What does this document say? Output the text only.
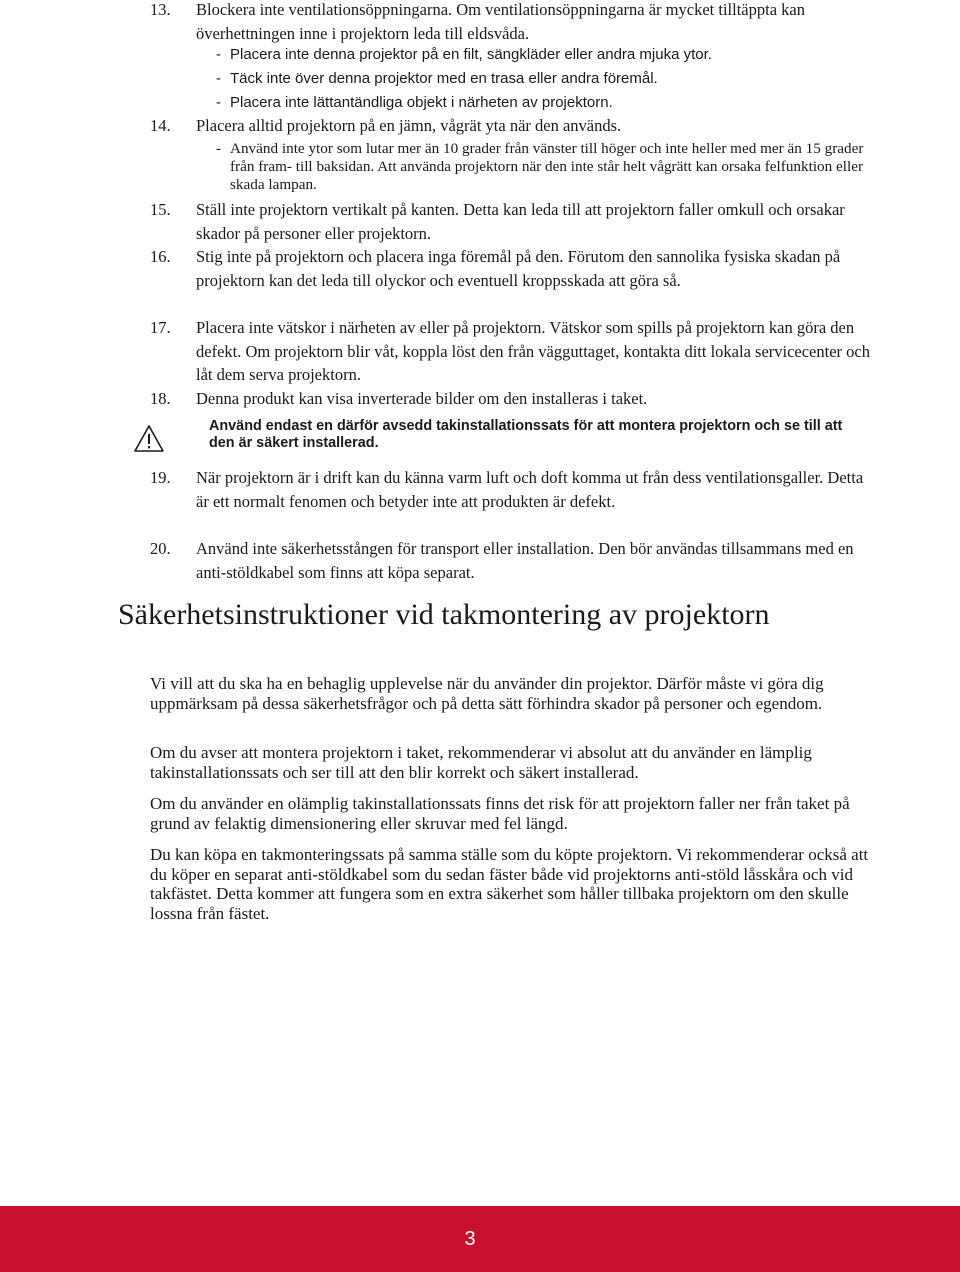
13. Blockera inte ventilationsöppningarna. Om ventilationsöppningarna är mycket tilltäppta kan överhettningen inne i projektorn leda till eldsvåda.
- Placera inte denna projektor på en filt, sängkläder eller andra mjuka ytor.
- Täck inte över denna projektor med en trasa eller andra föremål.
- Placera inte lättantändliga objekt i närheten av projektorn.
14. Placera alltid projektorn på en jämn, vågrät yta när den används.
- Använd inte ytor som lutar mer än 10 grader från vänster till höger och inte heller med mer än 15 grader från fram- till baksidan. Att använda projektorn när den inte står helt vågrätt kan orsaka felfunktion eller skada lampan.
15. Ställ inte projektorn vertikalt på kanten. Detta kan leda till att projektorn faller omkull och orsakar skador på personer eller projektorn.
16. Stig inte på projektorn och placera inga föremål på den. Förutom den sannolika fysiska skadan på projektorn kan det leda till olyckor och eventuell kroppsskada att göra så.
17. Placera inte vätskor i närheten av eller på projektorn. Vätskor som spills på projektorn kan göra den defekt. Om projektorn blir våt, koppla löst den från vägguttaget, kontakta ditt lokala servicecenter och låt dem serva projektorn.
18. Denna produkt kan visa inverterade bilder om den installeras i taket.
Använd endast en därför avsedd takinstallationssats för att montera projektorn och se till att den är säkert installerad.
19. När projektorn är i drift kan du känna varm luft och doft komma ut från dess ventilationsgaller. Detta är ett normalt fenomen och betyder inte att produkten är defekt.
20. Använd inte säkerhetsstången för transport eller installation. Den bör användas tillsammans med en anti-stöldkabel som finns att köpa separat.
Säkerhetsinstruktioner vid takmontering av projektorn

Vi vill att du ska ha en behaglig upplevelse när du använder din projektor. Därför måste vi göra dig uppmärksam på dessa säkerhetsfrågor och på detta sätt förhindra skador på personer och egendom.

Om du avser att montera projektorn i taket, rekommenderar vi absolut att du använder en lämplig takinstallationssats och ser till att den blir korrekt och säkert installerad.

Om du använder en olämplig takinstallationssats finns det risk för att projektorn faller ner från taket på grund av felaktig dimensionering eller skruvar med fel längd.

Du kan köpa en takmonteringssats på samma ställe som du köpte projektorn. Vi rekommenderar också att du köper en separat anti-stöldkabel som du sedan fäster både vid projektorns anti-stöld låsskåra och vid takfästet. Detta kommer att fungera som en extra säkerhet som håller tillbaka projektorn om den skulle lossna från fästet.

3
